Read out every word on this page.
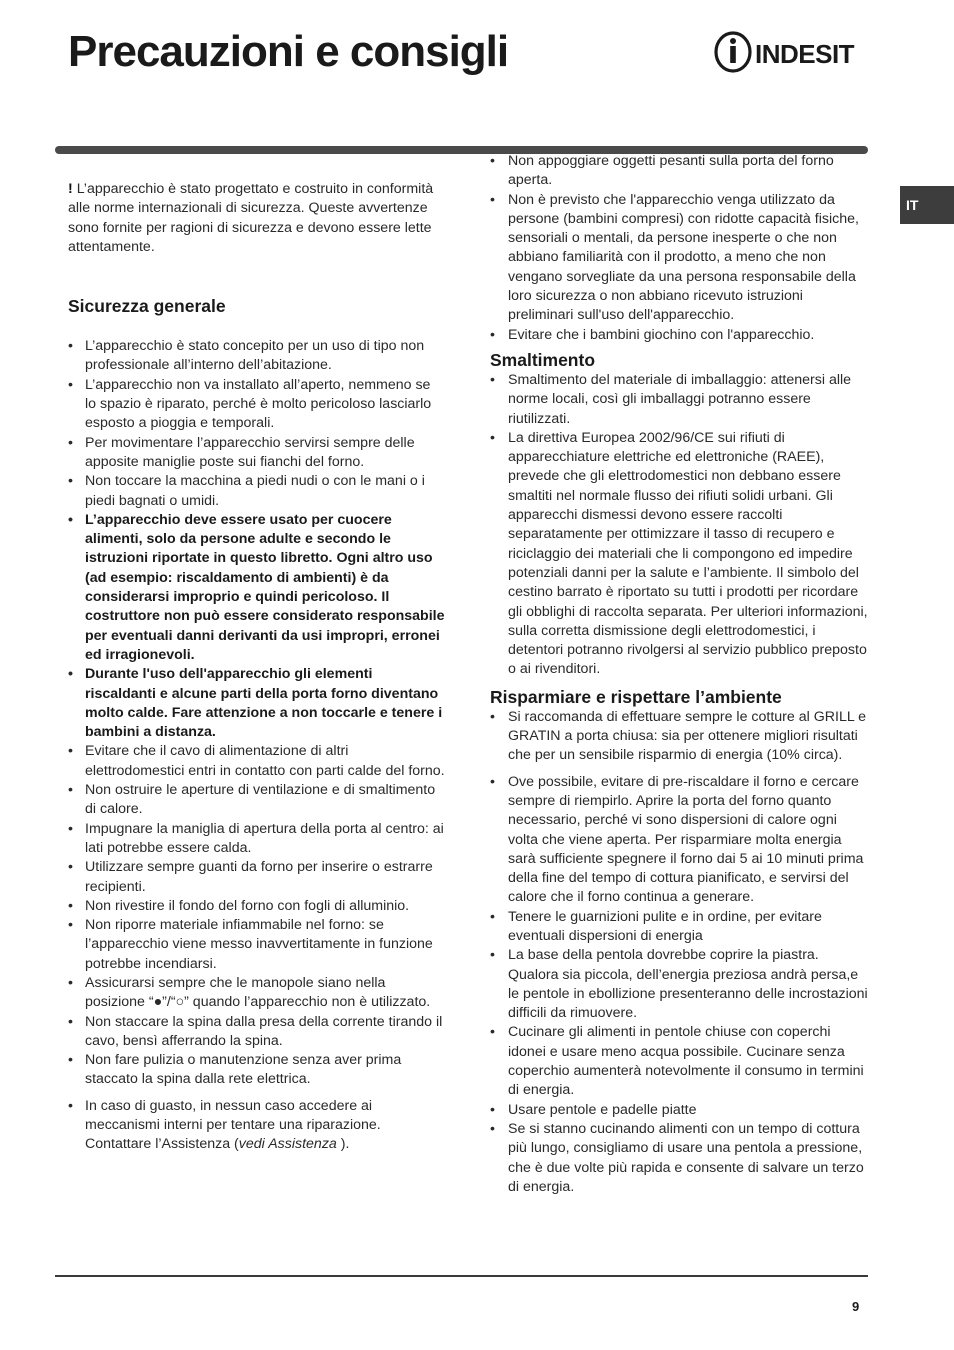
Precauzioni e consigli	INDESIT
IT

! L’apparecchio è stato progettato e costruito in conformità alle norme internazionali di sicurezza. Queste avvertenze sono fornite per ragioni di sicurezza e devono essere lette attentamente.

Sicurezza generale
• L’apparecchio è stato concepito per un uso di tipo non professionale all’interno dell’abitazione.
• L’apparecchio non va installato all’aperto, nemmeno se lo spazio è riparato, perché è molto pericoloso lasciarlo esposto a pioggia e temporali.
• Per movimentare l’apparecchio servirsi sempre delle apposite maniglie poste sui fianchi del forno.
• Non toccare la macchina a piedi nudi o con le mani o i piedi bagnati o umidi.
• L’apparecchio deve essere usato per cuocere alimenti, solo da persone adulte e secondo le istruzioni riportate in questo libretto. Ogni altro uso (ad esempio: riscaldamento di ambienti) è da considerarsi improprio e quindi pericoloso. Il costruttore non può essere considerato responsabile per eventuali danni derivanti da usi impropri, erronei ed irragionevoli.
• Durante l'uso dell'apparecchio gli elementi riscaldanti e alcune parti della porta forno diventano molto calde. Fare attenzione a non toccarle e tenere i bambini a distanza.
• Evitare che il cavo di alimentazione di altri elettrodomestici entri in contatto con parti calde del forno.
• Non ostruire le aperture di ventilazione e di smaltimento di calore.
• Impugnare la maniglia di apertura della porta al centro: ai lati potrebbe essere calda.
• Utilizzare sempre guanti da forno per inserire o estrarre recipienti.
• Non rivestire il fondo del forno con fogli di alluminio.
• Non riporre materiale infiammabile nel forno: se l’apparecchio viene messo inavvertitamente in funzione potrebbe incendiarsi.
• Assicurarsi sempre che le manopole siano nella posizione “●”/“○” quando l’apparecchio non è utilizzato.
• Non staccare la spina dalla presa della corrente tirando il cavo, bensì afferrando la spina.
• Non fare pulizia o manutenzione senza aver prima staccato la spina dalla rete elettrica.
• In caso di guasto, in nessun caso accedere ai meccanismi interni per tentare una riparazione. Contattare l’Assistenza (vedi Assistenza ).
• Non appoggiare oggetti pesanti sulla porta del forno aperta.
• Non è previsto che l'apparecchio venga utilizzato da persone (bambini compresi) con ridotte capacità fisiche, sensoriali o mentali, da persone inesperte o che non abbiano familiarità con il prodotto, a meno che non vengano sorvegliate da una persona responsabile della loro sicurezza o non abbiano ricevuto istruzioni preliminari sull'uso dell'apparecchio.
• Evitare che i bambini giochino con l'apparecchio.
Smaltimento
• Smaltimento del materiale di imballaggio: attenersi alle norme locali, così gli imballaggi potranno essere riutilizzati.
• La direttiva Europea 2002/96/CE sui rifiuti di apparecchiature elettriche ed elettroniche (RAEE), prevede che gli elettrodomestici non debbano essere smaltiti nel normale flusso dei rifiuti solidi urbani. Gli apparecchi dismessi devono essere raccolti separatamente per ottimizzare il tasso di recupero e riciclaggio dei materiali che li compongono ed impedire potenziali danni per la salute e l’ambiente. Il simbolo del cestino barrato è riportato su tutti i prodotti per ricordare gli obblighi di raccolta separata. Per ulteriori informazioni, sulla corretta dismissione degli elettrodomestici, i detentori potranno rivolgersi al servizio pubblico preposto o ai rivenditori.
Risparmiare e rispettare l’ambiente
• Si raccomanda di effettuare sempre le cotture al GRILL e GRATIN a porta chiusa: sia per ottenere migliori risultati che per un sensibile risparmio di energia (10% circa).
• Ove possibile, evitare di pre-riscaldare il forno e cercare sempre di riempirlo. Aprire la porta del forno quanto necessario, perché vi sono dispersioni di calore ogni volta che viene aperta. Per risparmiare molta energia sarà sufficiente spegnere il forno dai 5 ai 10 minuti prima della fine del tempo di cottura pianificato, e servirsi del calore che il forno continua a generare.
• Tenere le guarnizioni pulite e in ordine, per evitare eventuali dispersioni di energia
• La base della pentola dovrebbe coprire la piastra. Qualora sia piccola, dell’energia preziosa andrà persa,e le pentole in ebollizione presenteranno delle incrostazioni difficili da rimuovere.
• Cucinare gli alimenti in pentole chiuse con coperchi idonei e usare meno acqua possibile. Cucinare senza coperchio aumenterà notevolmente il consumo in termini di energia.
• Usare pentole e padelle piatte
• Se si stanno cucinando alimenti con un tempo di cottura più lungo, consigliamo di usare una pentola a pressione, che è due volte più rapida e consente di salvare un terzo di energia.
9
